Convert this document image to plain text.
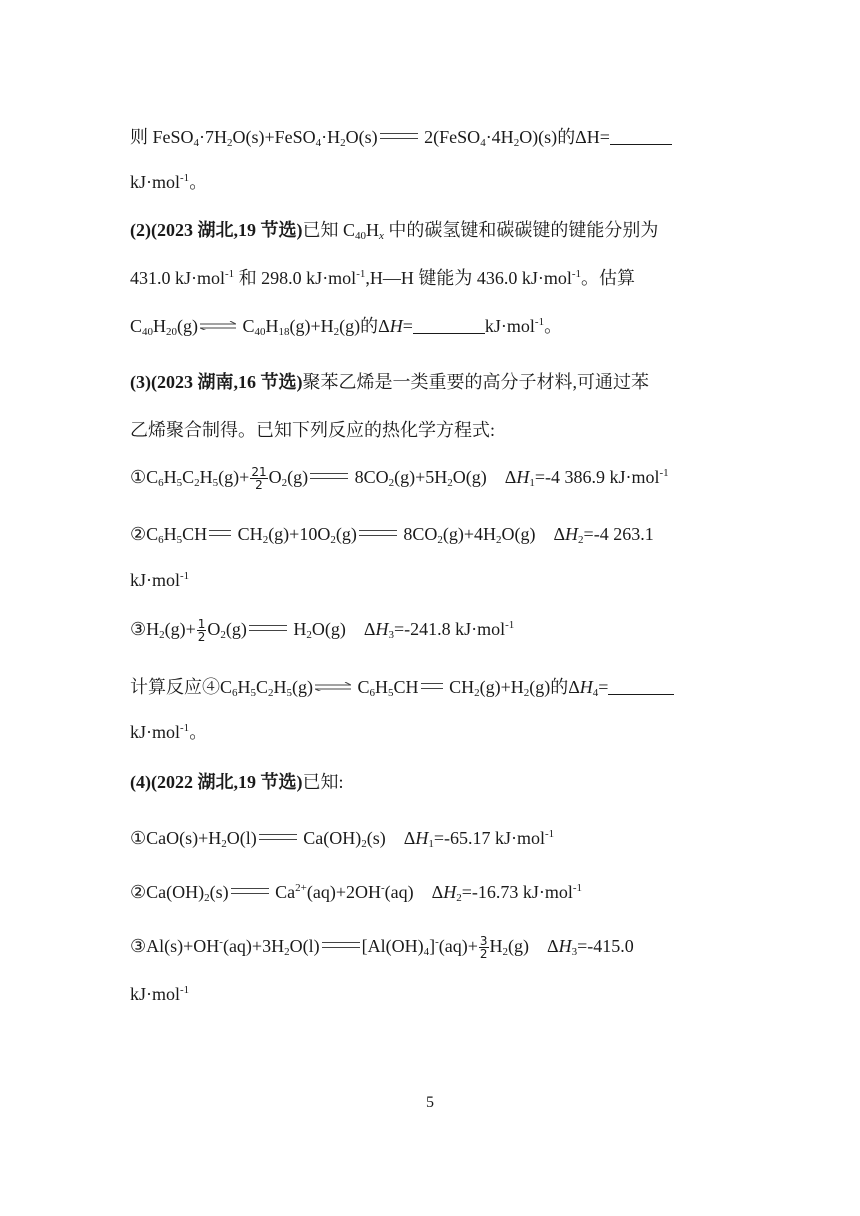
则 $FeSO_4\cdot 7H_2O(s)+FeSO_4\cdot H_2O(s)$ $2(FeSO_4\cdot 4H_2O)(s)$的ΔH=
kJ·mol$^{-1}$。
(2)(2023 湖北,19 节选)已知 $C_{40}H_x$ 中的碳氢键和碳碳键的键能分别为
431.0 kJ·mol$^{-1}$ 和 298.0 kJ·mol$^{-1}$,H—H 键能为 436.0 kJ·mol$^{-1}$。估算
$C_{40}H_{20}(g)$ ⇌ $C_{40}H_{18}(g)+H_2(g)$的ΔH=	kJ·mol$^{-1}$。
(3)(2023 湖南,16 节选)聚苯乙烯是一类重要的高分子材料,可通过苯
乙烯聚合制得。已知下列反应的热化学方程式:
$①C_6H_5C_2H_5(g)+ \frac{21}{2} O_2(g)$ $8CO_2(g)+5H_2O(g)$    $\Delta H_1=-4$ 386.9 kJ·mol$^{-1}$
$②C_6H_5CH$ $CH_2(g)+10O_2(g)$ $8CO_2(g)+4H_2O(g)$    $\Delta H_2=-4$ 263.1
kJ·mol$^{-1}$
$③H_2(g)+ \frac{1}{2} O_2(g)$ $H_2O(g)$    $\Delta H_3=-241.8$ kJ·mol$^{-1}$
计算反应$④C_6H_5C_2H_5(g)$ ⇌ $C_6H_5CH$ $CH_2(g)+H_2(g)$的$\Delta H_4=$
kJ·mol$^{-1}$。
(4)(2022 湖北,19 节选)已知:
$①CaO(s)+H_2O(l)$ $Ca(OH)_2(s)$    $\Delta H_1=-65.17$ kJ·mol$^{-1}$
$②Ca(OH)_2(s)$ $Ca^{2+}(aq)+2OH^-(aq)$    $\Delta H_2=-16.73$ kJ·mol$^{-1}$
$③Al(s)+OH^-(aq)+3H_2O(l)$ $[Al(OH)_4]^-(aq)+ \frac{3}{2} H_2(g)$    $\Delta H_3=-415.0$
kJ·mol$^{-1}$
5
